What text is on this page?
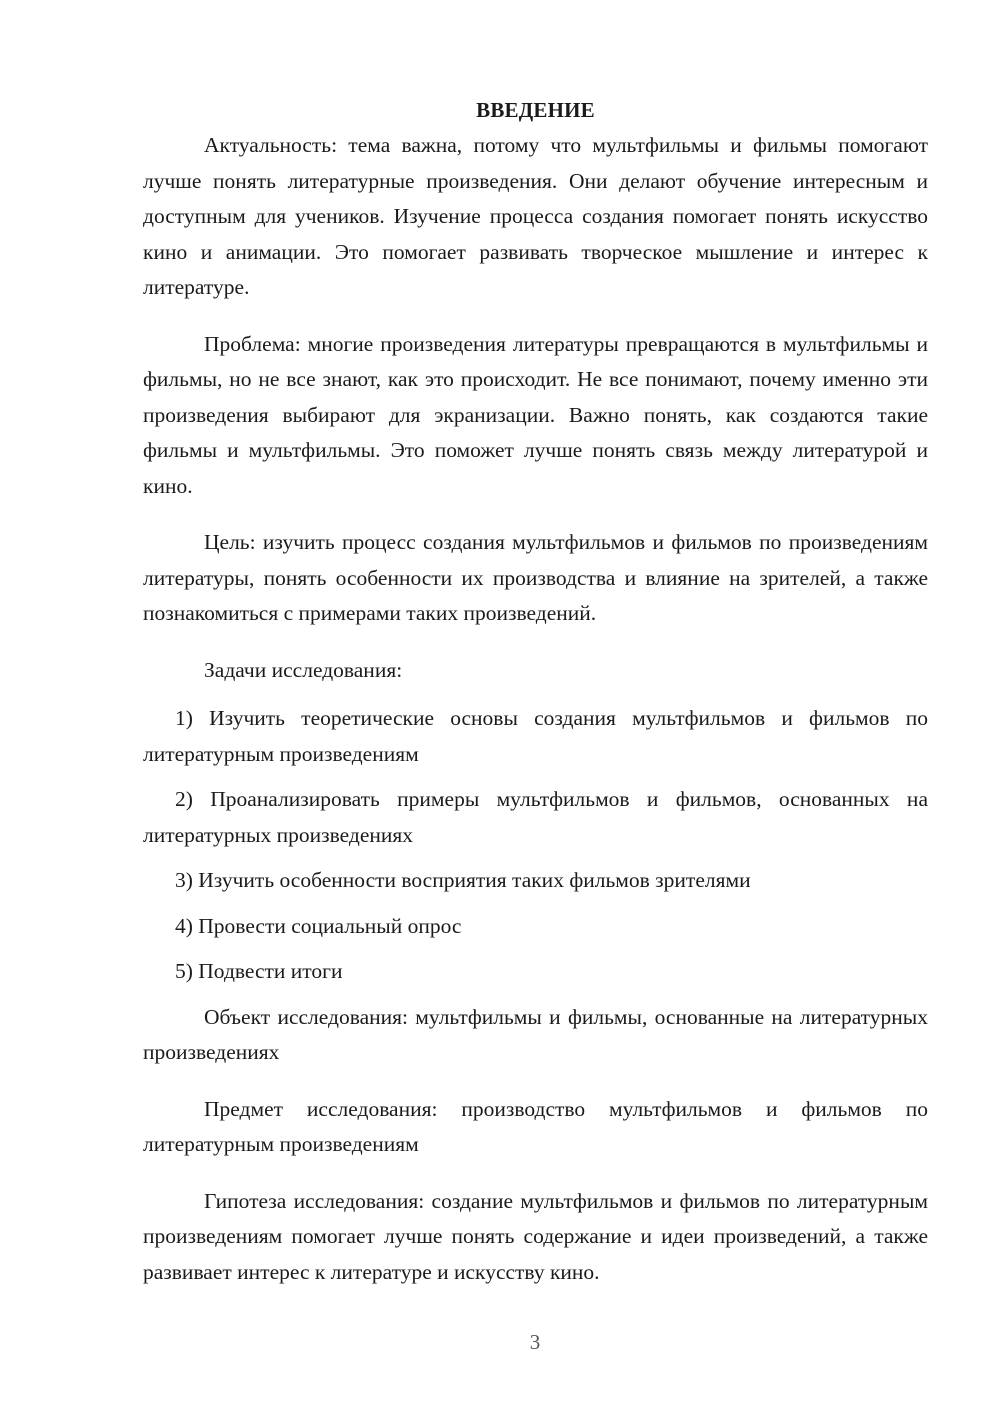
ВВЕДЕНИЕ

Актуальность: тема важна, потому что мультфильмы и фильмы помогают лучше понять литературные произведения. Они делают обучение интересным и доступным для учеников. Изучение процесса создания помогает понять искусство кино и анимации. Это помогает развивать творческое мышление и интерес к литературе.

Проблема: многие произведения литературы превращаются в мультфильмы и фильмы, но не все знают, как это происходит. Не все понимают, почему именно эти произведения выбирают для экранизации. Важно понять, как создаются такие фильмы и мультфильмы. Это поможет лучше понять связь между литературой и кино.

Цель: изучить процесс создания мультфильмов и фильмов по произведениям литературы, понять особенности их производства и влияние на зрителей, а также познакомиться с примерами таких произведений.

Задачи исследования:

1) Изучить теоретические основы создания мультфильмов и фильмов по литературным произведениям

2) Проанализировать примеры мультфильмов и фильмов, основанных на литературных произведениях

3) Изучить особенности восприятия таких фильмов зрителями

4) Провести социальный опрос

5) Подвести итоги

Объект исследования: мультфильмы и фильмы, основанные на литературных произведениях

Предмет исследования: производство мультфильмов и фильмов по литературным произведениям

Гипотеза исследования: создание мультфильмов и фильмов по литературным произведениям помогает лучше понять содержание и идеи произведений, а также развивает интерес к литературе и искусству кино.

3
